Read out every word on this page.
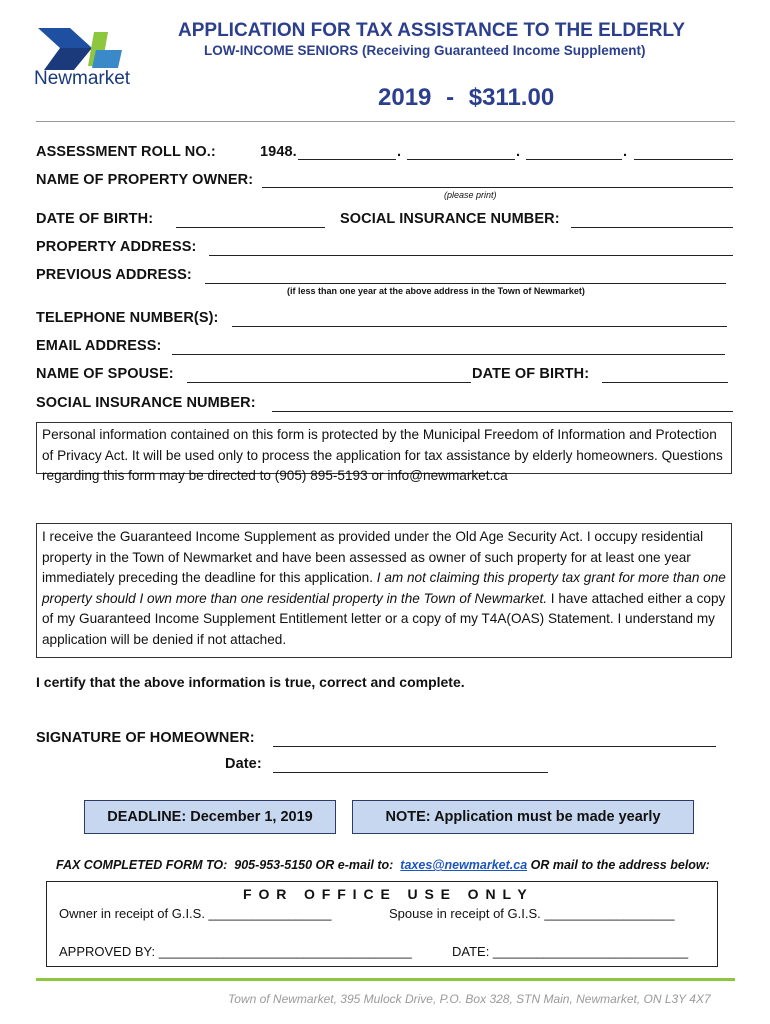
Newmarket
APPLICATION FOR TAX ASSISTANCE TO THE ELDERLY
LOW-INCOME SENIORS (Receiving Guaranteed Income Supplement)
2019 - $311.00
ASSESSMENT ROLL NO.:	1948.	.	.	.
NAME OF PROPERTY OWNER:
(please print)
DATE OF BIRTH:	SOCIAL INSURANCE NUMBER:
PROPERTY ADDRESS:
PREVIOUS ADDRESS:
(if less than one year at the above address in the Town of Newmarket)
TELEPHONE NUMBER(S):
EMAIL ADDRESS:
NAME OF SPOUSE:	DATE OF BIRTH:
SOCIAL INSURANCE NUMBER:
Personal information contained on this form is protected by the Municipal Freedom of Information and Protection of Privacy Act. It will be used only to process the application for tax assistance by elderly homeowners. Questions regarding this form may be directed to (905) 895-5193 or info@newmarket.ca
I receive the Guaranteed Income Supplement as provided under the Old Age Security Act. I occupy residential property in the Town of Newmarket and have been assessed as owner of such property for at least one year immediately preceding the deadline for this application. I am not claiming this property tax grant for more than one property should I own more than one residential property in the Town of Newmarket. I have attached either a copy of my Guaranteed Income Supplement Entitlement letter or a copy of my T4A(OAS) Statement. I understand my application will be denied if not attached.
I certify that the above information is true, correct and complete.
SIGNATURE OF HOMEOWNER:
Date:
DEADLINE : December 1, 2019	NOTE: Application must be made yearly
FAX COMPLETED FORM TO:  905-953-5150 OR e-mail to:  taxes@newmarket.ca OR mail to the address below:
F O R   O F F I C E   U S E   O N L Y
Owner in receipt of G.I.S. _________________	Spouse in receipt of G.I.S. __________________
APPROVED BY: ___________________________________	DATE: ___________________________
Town of Newmarket, 395 Mulock Drive, P.O. Box 328, STN Main, Newmarket, ON L3Y 4X7
